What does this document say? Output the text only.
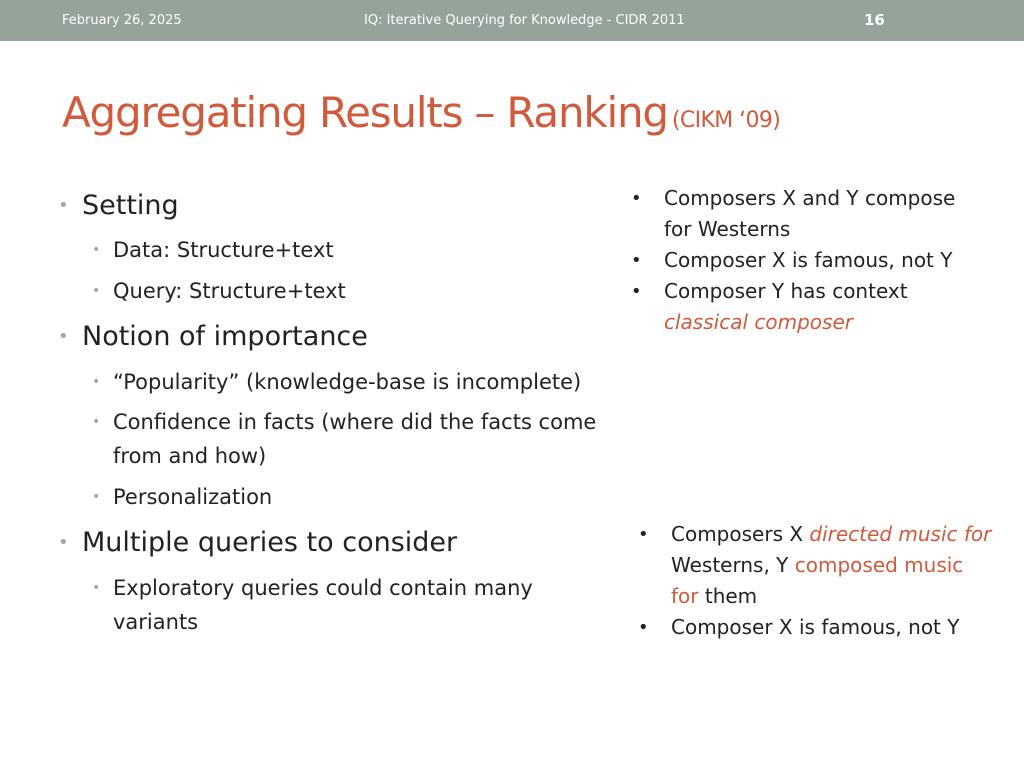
February 26, 2025	IQ: Iterative Querying for Knowledge - CIDR 2011	16
Aggregating Results – Ranking (CIKM ‘09)
• Setting
• Data: Structure+text
• Query: Structure+text
• Notion of importance
• “Popularity” (knowledge-base is incomplete)
• Confidence in facts (where did the facts come
from and how)
• Personalization
• Multiple queries to consider
• Exploratory queries could contain many
variants
• Composers X and Y compose
for Westerns
• Composer X is famous, not Y
• Composer Y has context
classical composer
• Composers X directed music for
Westerns, Y composed music
for them
• Composer X is famous, not Y
